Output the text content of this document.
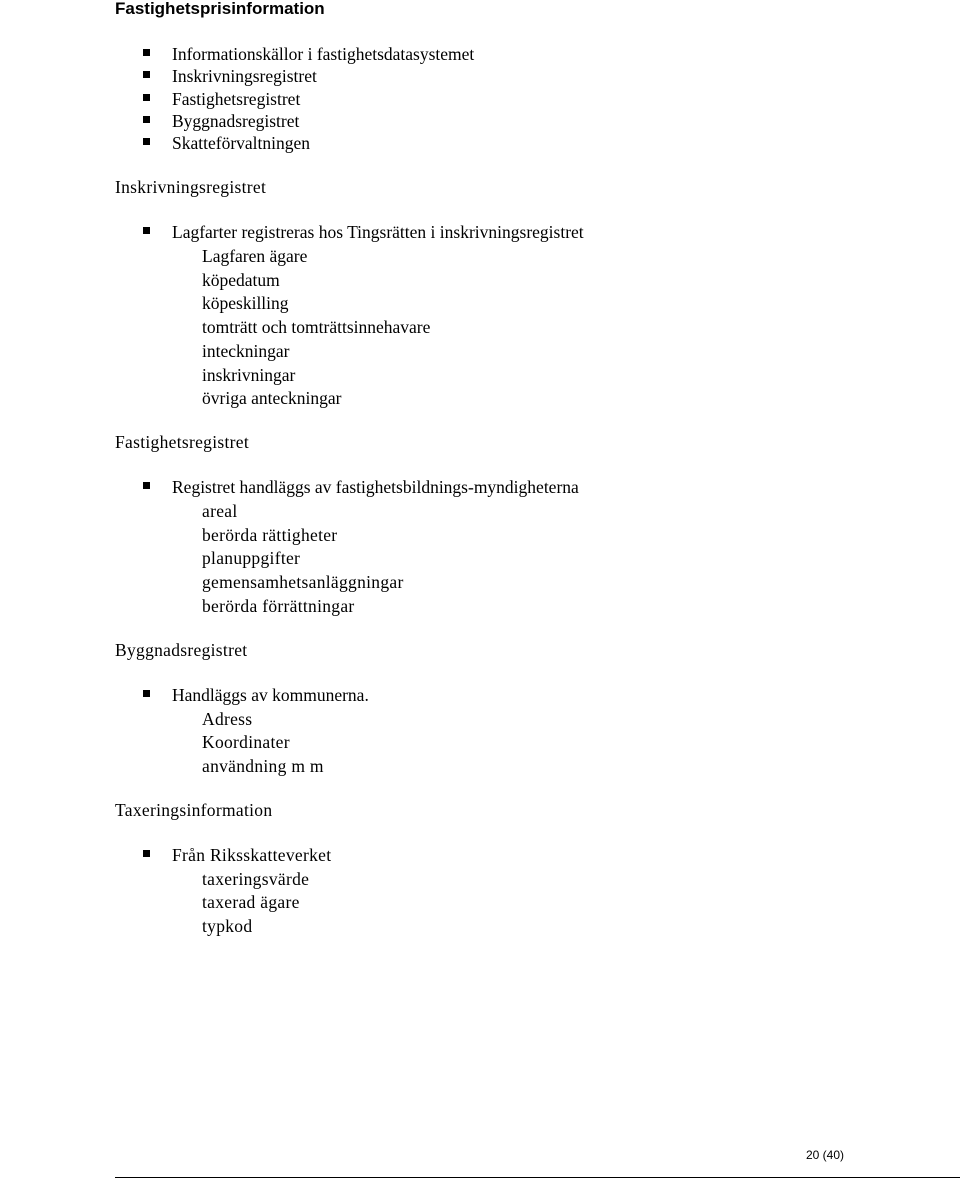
Fastighetsprisinformation
Informationskällor i fastighetsdatasystemet
Inskrivningsregistret
Fastighetsregistret
Byggnadsregistret
Skatteförvaltningen
Inskrivningsregistret
Lagfarter registreras hos Tingsrätten i inskrivningsregistret
Lagfaren ägare
köpedatum
köpeskilling
tomträtt och tomträttsinnehavare
inteckningar
inskrivningar
övriga anteckningar
Fastighetsregistret
Registret handläggs av fastighetsbildnings-myndigheterna
areal
berörda rättigheter
planuppgifter
gemensamhetsanläggningar
berörda förrättningar
Byggnadsregistret
Handläggs av kommunerna.
Adress
Koordinater
användning m m
Taxeringsinformation
Från Riksskatteverket
taxeringsvärde
taxerad ägare
typkod
20 (40)
